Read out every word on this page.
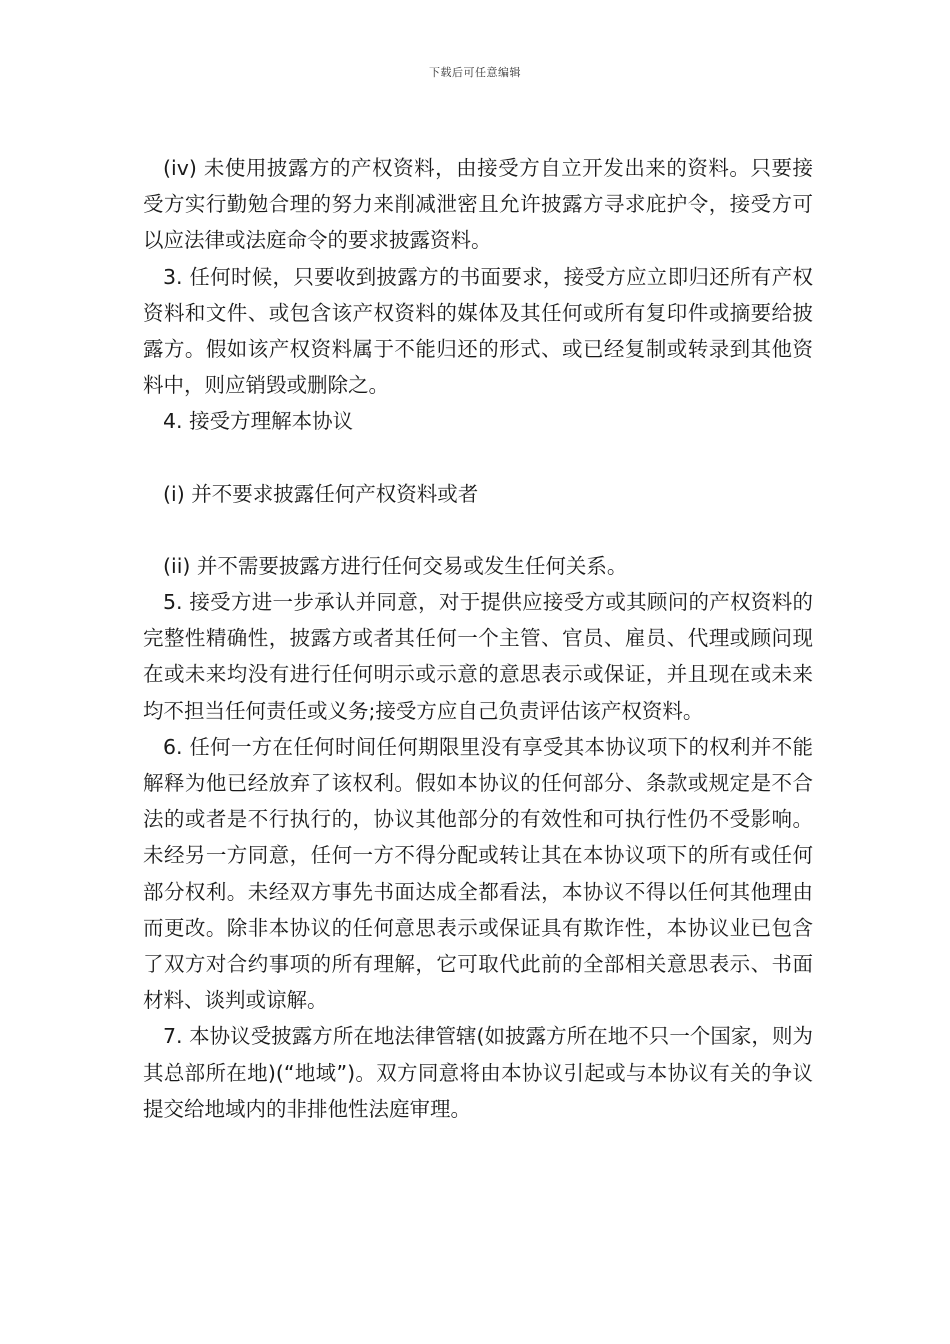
下载后可任意编辑

(iv) 未使用披露方的产权资料，由接受方自立开发出来的资料。只要接受方实行勤勉合理的努力来削减泄密且允许披露方寻求庇护令，接受方可以应法律或法庭命令的要求披露资料。

3. 任何时候，只要收到披露方的书面要求，接受方应立即归还所有产权资料和文件、或包含该产权资料的媒体及其任何或所有复印件或摘要给披露方。假如该产权资料属于不能归还的形式、或已经复制或转录到其他资料中，则应销毁或删除之。

4. 接受方理解本协议

(i) 并不要求披露任何产权资料或者

(ii) 并不需要披露方进行任何交易或发生任何关系。

5. 接受方进一步承认并同意，对于提供应接受方或其顾问的产权资料的完整性精确性，披露方或者其任何一个主管、官员、雇员、代理或顾问现在或未来均没有进行任何明示或示意的意思表示或保证，并且现在或未来均不担当任何责任或义务;接受方应自己负责评估该产权资料。

6. 任何一方在任何时间任何期限里没有享受其本协议项下的权利并不能解释为他已经放弃了该权利。假如本协议的任何部分、条款或规定是不合法的或者是不行执行的，协议其他部分的有效性和可执行性仍不受影响。未经另一方同意，任何一方不得分配或转让其在本协议项下的所有或任何部分权利。未经双方事先书面达成全都看法，本协议不得以任何其他理由而更改。除非本协议的任何意思表示或保证具有欺诈性，本协议业已包含了双方对合约事项的所有理解，它可取代此前的全部相关意思表示、书面材料、谈判或谅解。

7. 本协议受披露方所在地法律管辖(如披露方所在地不只一个国家，则为其总部所在地)(“地域”)。双方同意将由本协议引起或与本协议有关的争议提交给地域内的非排他性法庭审理。
